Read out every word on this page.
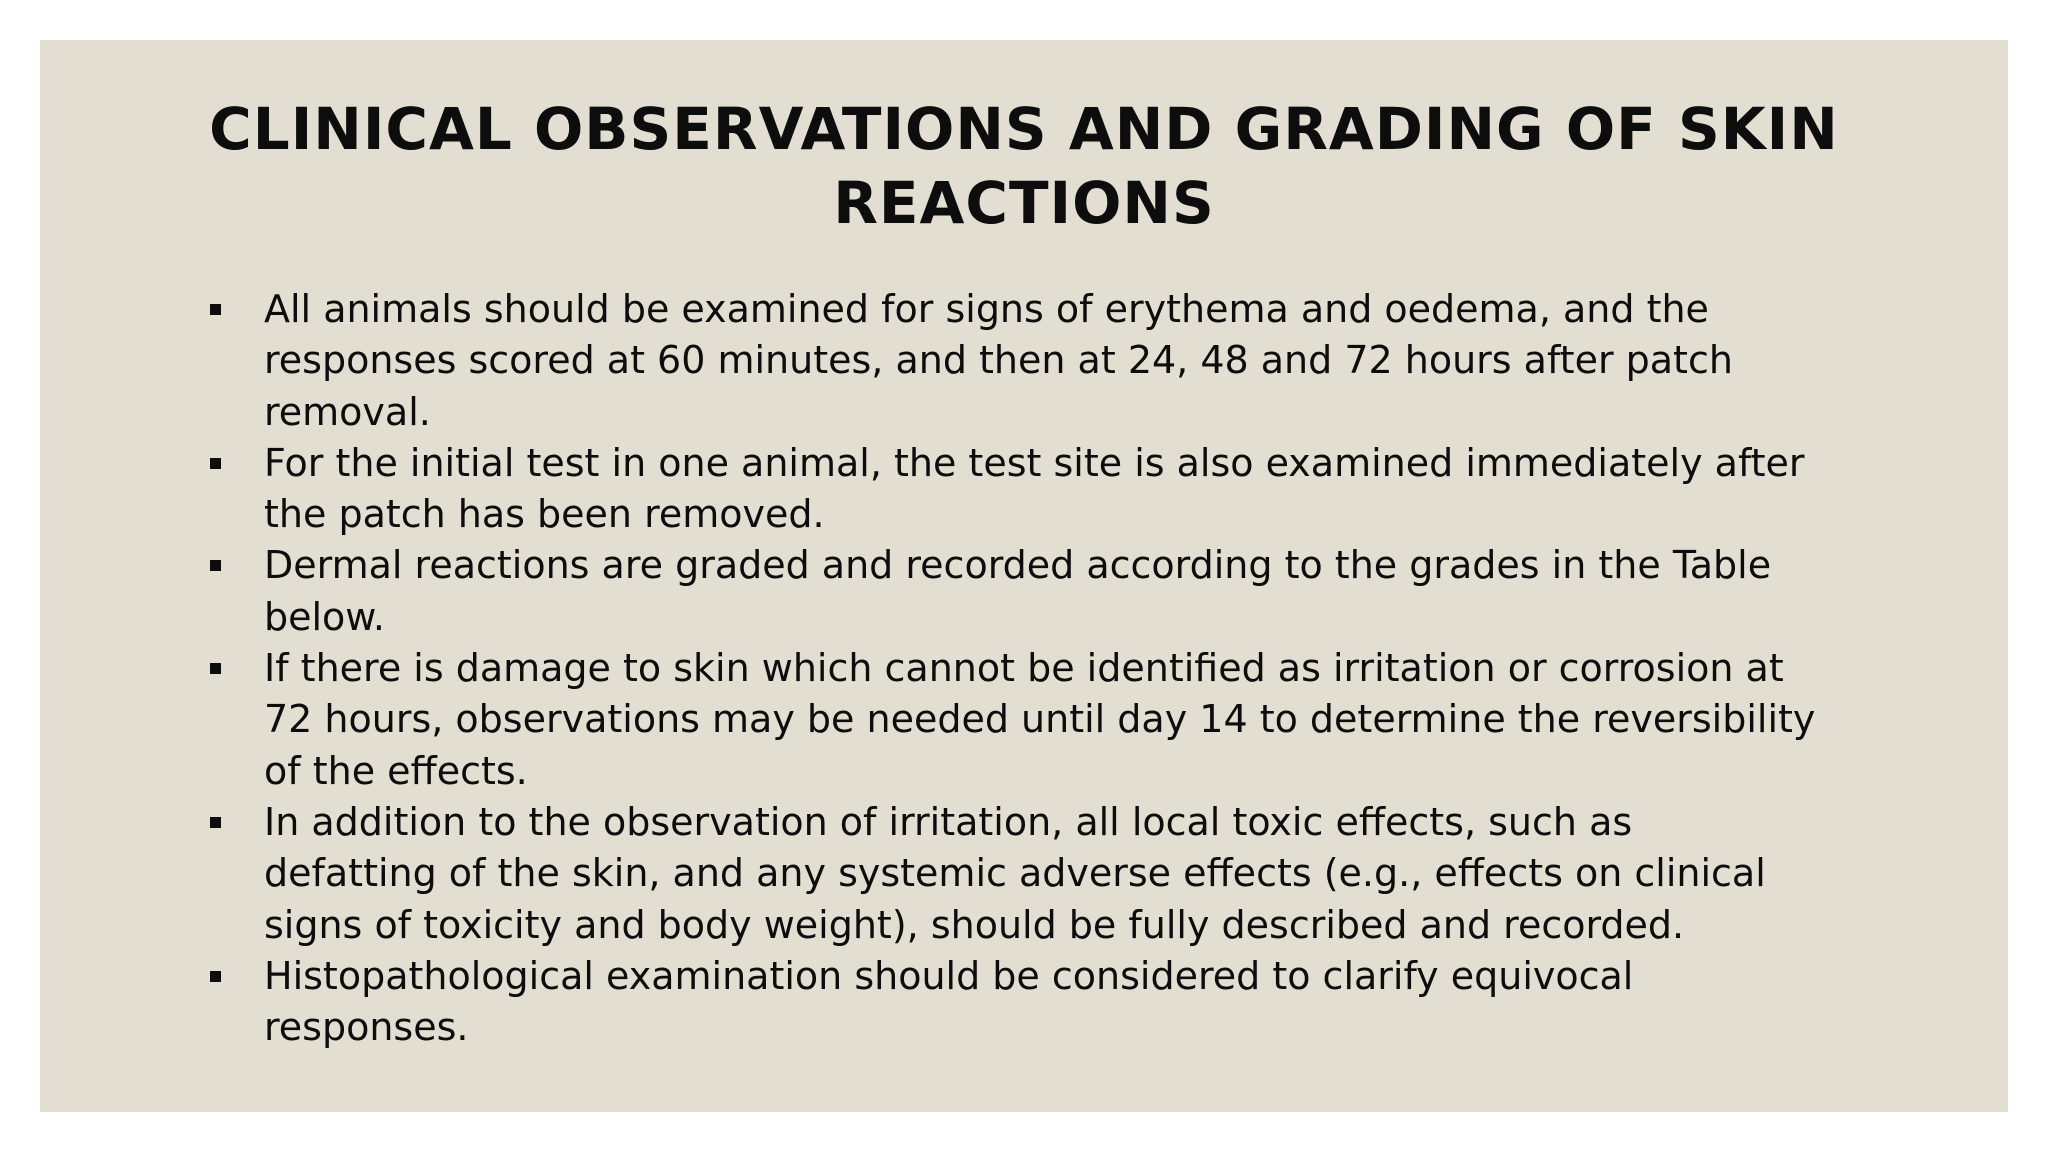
CLINICAL OBSERVATIONS AND GRADING OF SKIN
REACTIONS
All animals should be examined for signs of erythema and oedema, and the
responses scored at 60 minutes, and then at 24, 48 and 72 hours after patch
removal.
For the initial test in one animal, the test site is also examined immediately after
the patch has been removed.
Dermal reactions are graded and recorded according to the grades in the Table
below.
If there is damage to skin which cannot be identified as irritation or corrosion at
72 hours, observations may be needed until day 14 to determine the reversibility
of the effects.
In addition to the observation of irritation, all local toxic effects, such as
defatting of the skin, and any systemic adverse effects (e.g., effects on clinical
signs of toxicity and body weight), should be fully described and recorded.
Histopathological examination should be considered to clarify equivocal
responses.
